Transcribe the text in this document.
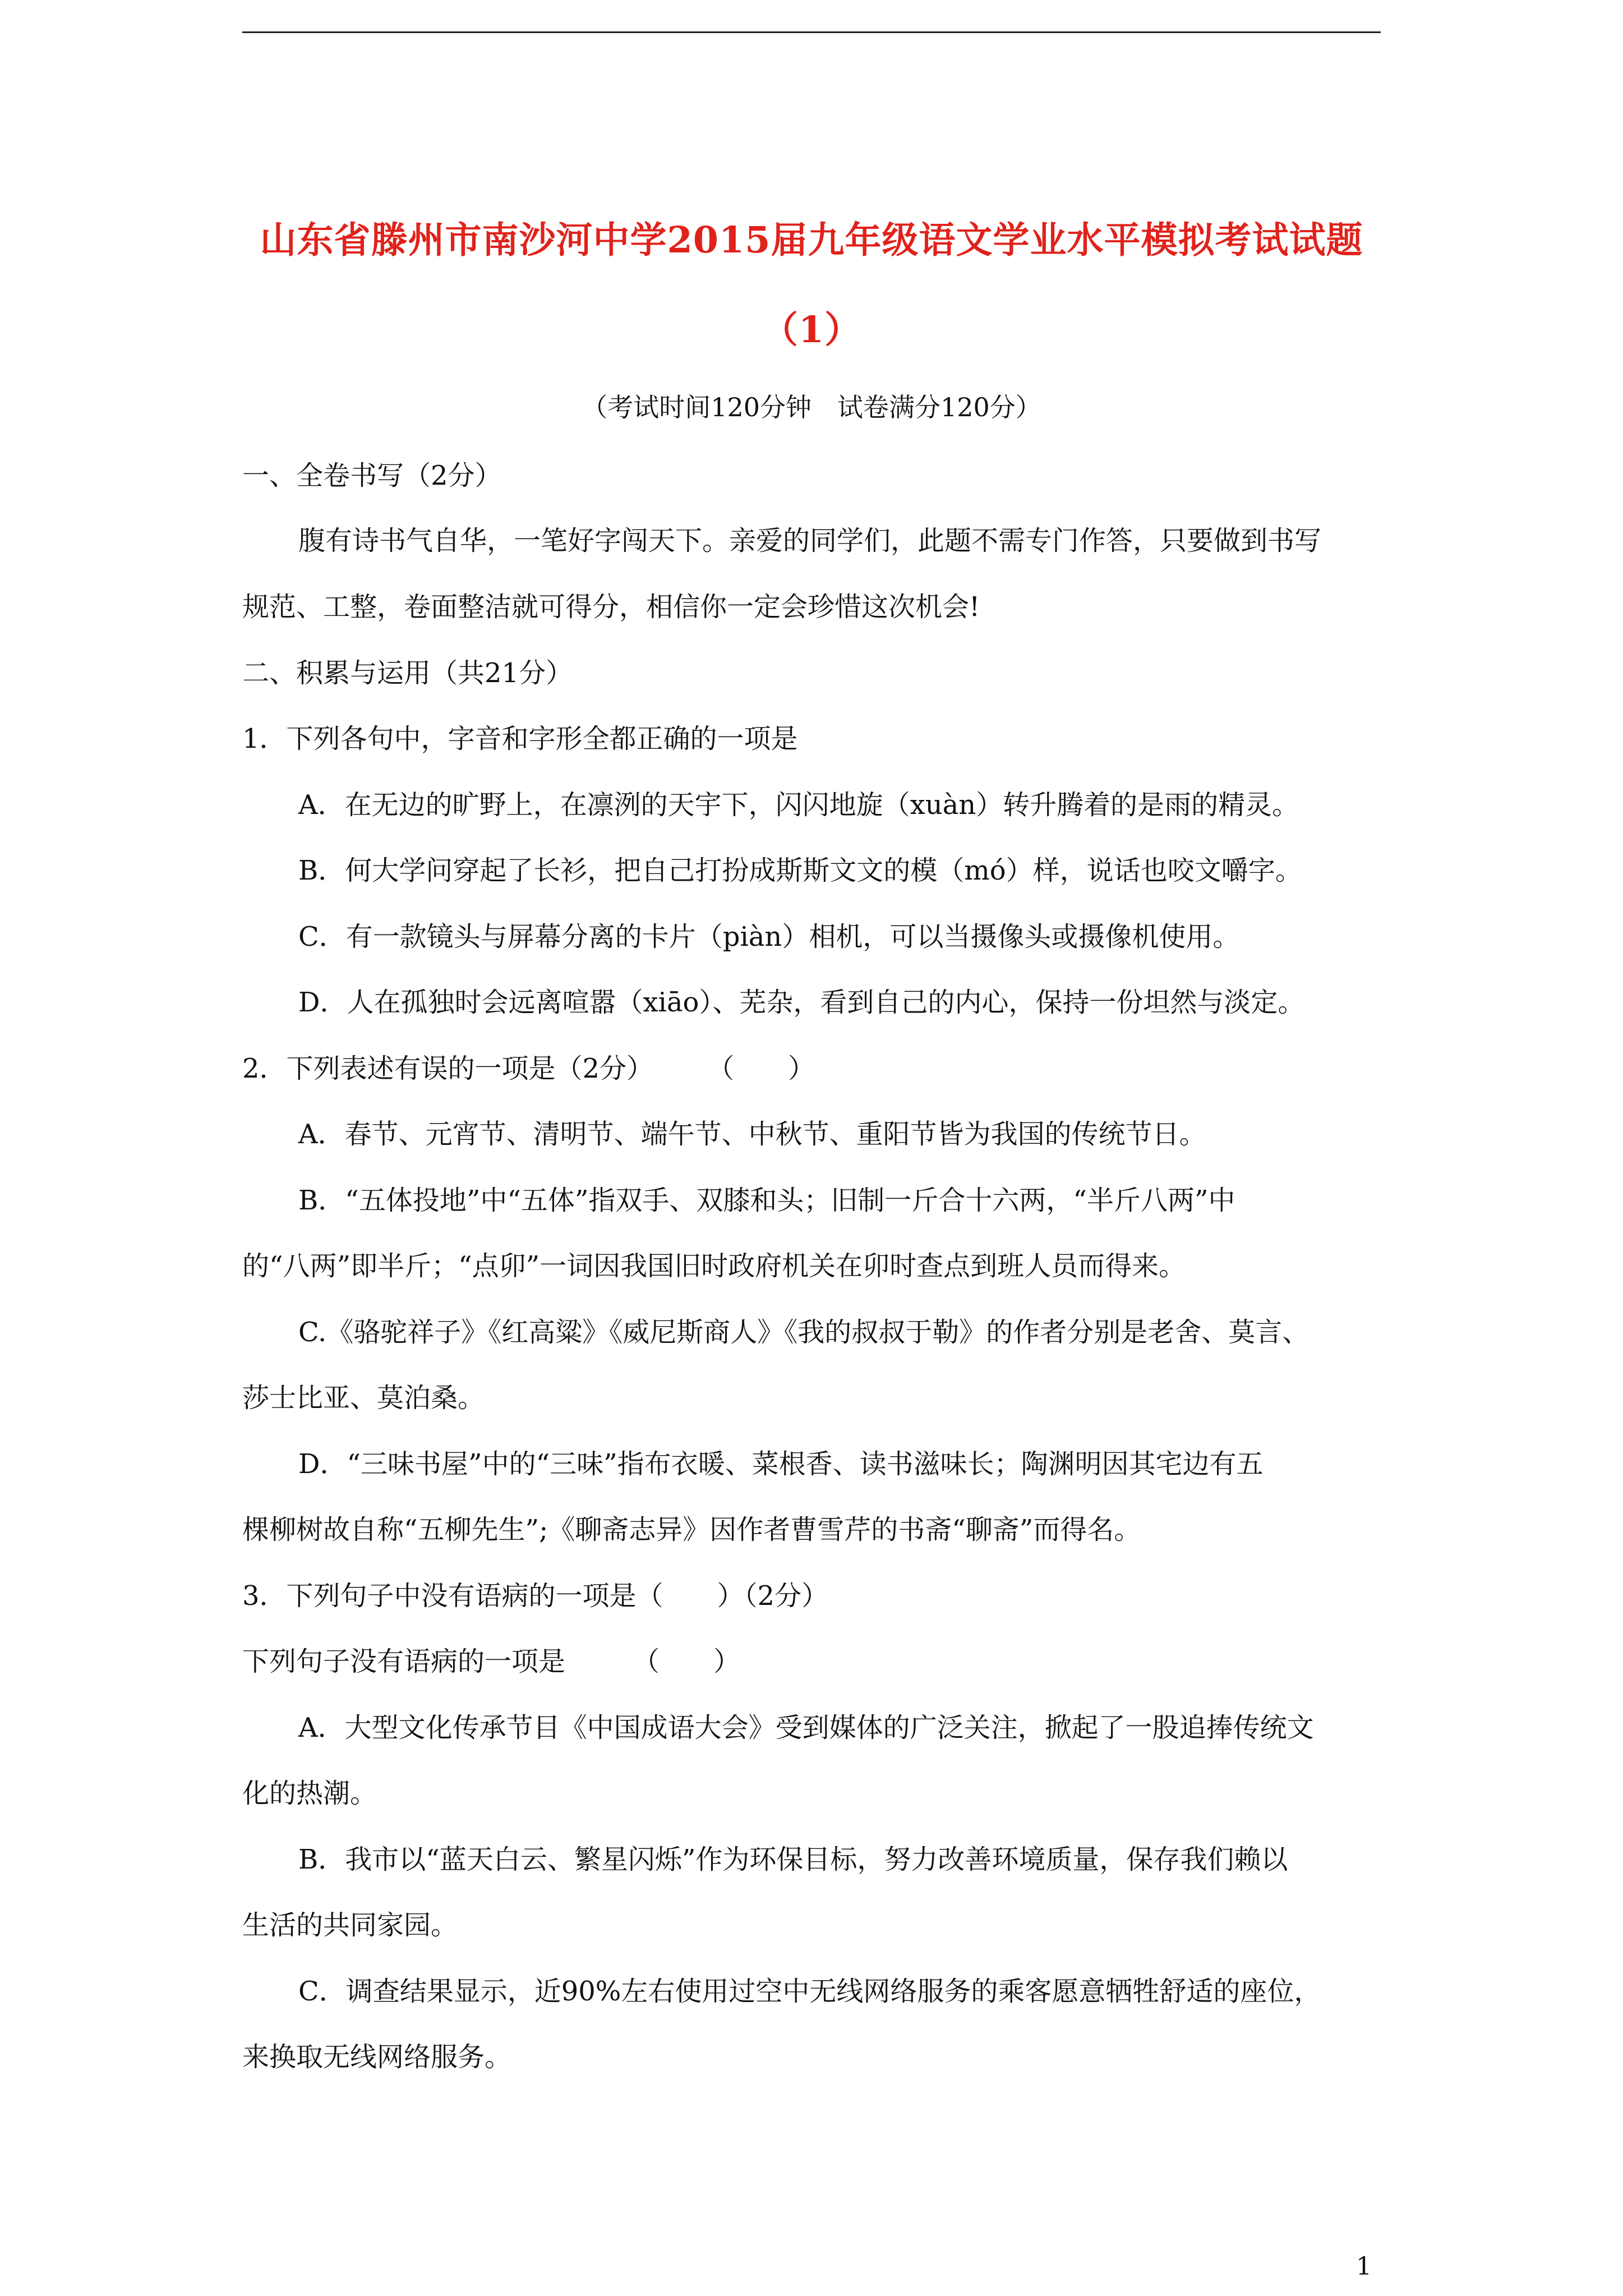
山东省滕州市南沙河中学2015届九年级语文学业水平模拟考试试题
（1）
（考试时间120分钟　试卷满分120分）
一、全卷书写（2分）
腹有诗书气自华，一笔好字闯天下。亲爱的同学们，此题不需专门作答，只要做到书写
规范、工整，卷面整洁就可得分，相信你一定会珍惜这次机会!
二、积累与运用（共21分）
1．下列各句中，字音和字形全都正确的一项是
A．在无边的旷野上，在凛洌的天宇下，闪闪地旋（xuàn）转升腾着的是雨的精灵。
B．何大学问穿起了长衫，把自己打扮成斯斯文文的模（mó）样，说话也咬文嚼字。
C．有一款镜头与屏幕分离的卡片（piàn）相机，可以当摄像头或摄像机使用。
D．人在孤独时会远离喧嚣（xiāo）、芜杂，看到自己的内心，保持一份坦然与淡定。
2．下列表述有误的一项是（2分）　　　（　　）
A．春节、元宵节、清明节、端午节、中秋节、重阳节皆为我国的传统节日。
B．“五体投地”中“五体”指双手、双膝和头；旧制一斤合十六两，“半斤八两”中
的“八两”即半斤；“点卯”一词因我国旧时政府机关在卯时查点到班人员而得来。
C.《骆驼祥子》《红高粱》《威尼斯商人》《我的叔叔于勒》的作者分别是老舍、莫言、
莎士比亚、莫泊桑。
D．“三味书屋”中的“三味”指布衣暖、菜根香、读书滋味长；陶渊明因其宅边有五
棵柳树故自称“五柳先生”;《聊斋志异》因作者曹雪芹的书斋“聊斋”而得名。
3．下列句子中没有语病的一项是（　　）（2分）
下列句子没有语病的一项是　　　（　　）
A．大型文化传承节目《中国成语大会》受到媒体的广泛关注，掀起了一股追捧传统文
化的热潮。
B．我市以“蓝天白云、繁星闪烁”作为环保目标，努力改善环境质量，保存我们赖以
生活的共同家园。
C．调查结果显示，近90%左右使用过空中无线网络服务的乘客愿意牺牲舒适的座位，
来换取无线网络服务。
1
